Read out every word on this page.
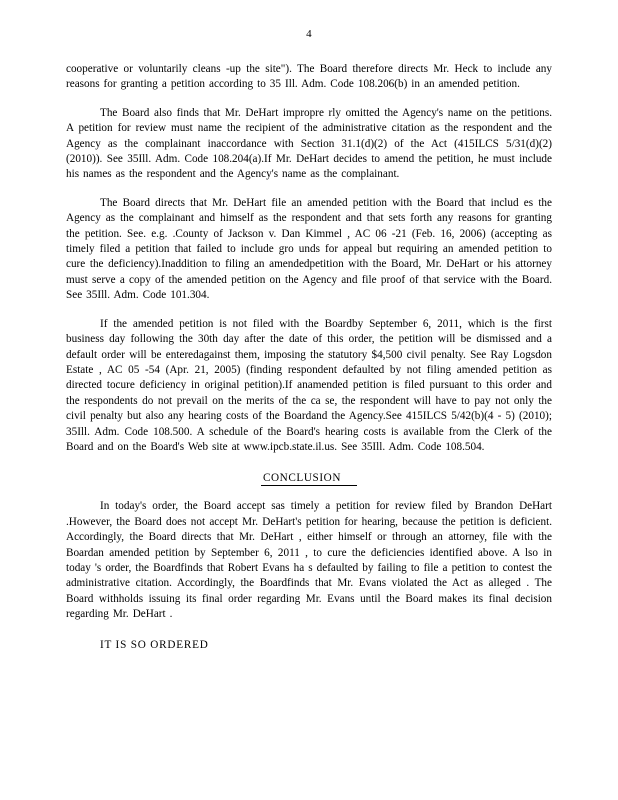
4

cooperative or voluntarily cleans -up the site"). The Board therefore directs Mr. Heck to include any reasons for granting a petition according to 35 Ill. Adm. Code 108.206(b) in an amended petition.

The Board also finds that Mr. DeHart impropre rly omitted the Agency's name on the petitions. A petition for review must name the recipient of the administrative citation as the respondent and the Agency as the complainant inaccordance with Section 31.1(d)(2) of the Act (415ILCS 5/31(d)(2) (2010)). See 35Ill. Adm. Code 108.204(a).If Mr. DeHart decides to amend the petition, he must include his names as the respondent and the Agency's name as the complainant.

The Board directs that Mr. DeHart file an amended petition with the Board that includ es the Agency as the complainant and himself as the respondent and that sets forth any reasons for granting the petition. See. e.g. .County of Jackson v. Dan Kimmel , AC 06 -21 (Feb. 16, 2006) (accepting as timely filed a petition that failed to include gro unds for appeal but requiring an amended petition to cure the deficiency).Inaddition to filing an amendedpetition with the Board, Mr. DeHart or his attorney must serve a copy of the amended petition on the Agency and file proof of that service with the Board. See 35Ill. Adm. Code 101.304.

If the amended petition is not filed with the Boardby September 6, 2011, which is the first business day following the 30th day after the date of this order, the petition will be dismissed and a default order will be enteredagainst them, imposing the statutory $4,500 civil penalty. See Ray Logsdon Estate , AC 05 -54 (Apr. 21, 2005) (finding respondent defaulted by not filing amended petition as directed tocure deficiency in original petition).If anamended petition is filed pursuant to this order and the respondents do not prevail on the merits of the ca se, the respondent will have to pay not only the civil penalty but also any hearing costs of the Boardand the Agency.See 415ILCS 5/42(b)(4 - 5) (2010); 35Ill. Adm. Code 108.500. A schedule of the Board's hearing costs is available from the Clerk of the Board and on the Board's Web site at www.ipcb.state.il.us. See 35Ill. Adm. Code 108.504.

CONCLUSION

In today's order, the Board accept sas timely a petition for review filed by Brandon DeHart .However, the Board does not accept Mr. DeHart's petition for hearing, because the petition is deficient. Accordingly, the Board directs that Mr. DeHart , either himself or through an attorney, file with the Boardan amended petition by September 6, 2011 , to cure the deficiencies identified above. A lso in today 's order, the Boardfinds that Robert Evans ha s defaulted by failing to file a petition to contest the administrative citation. Accordingly, the Boardfinds that Mr. Evans violated the Act as alleged . The Board withholds issuing its final order regarding Mr. Evans until the Board makes its final decision regarding Mr. DeHart .

IT IS SO ORDERED
